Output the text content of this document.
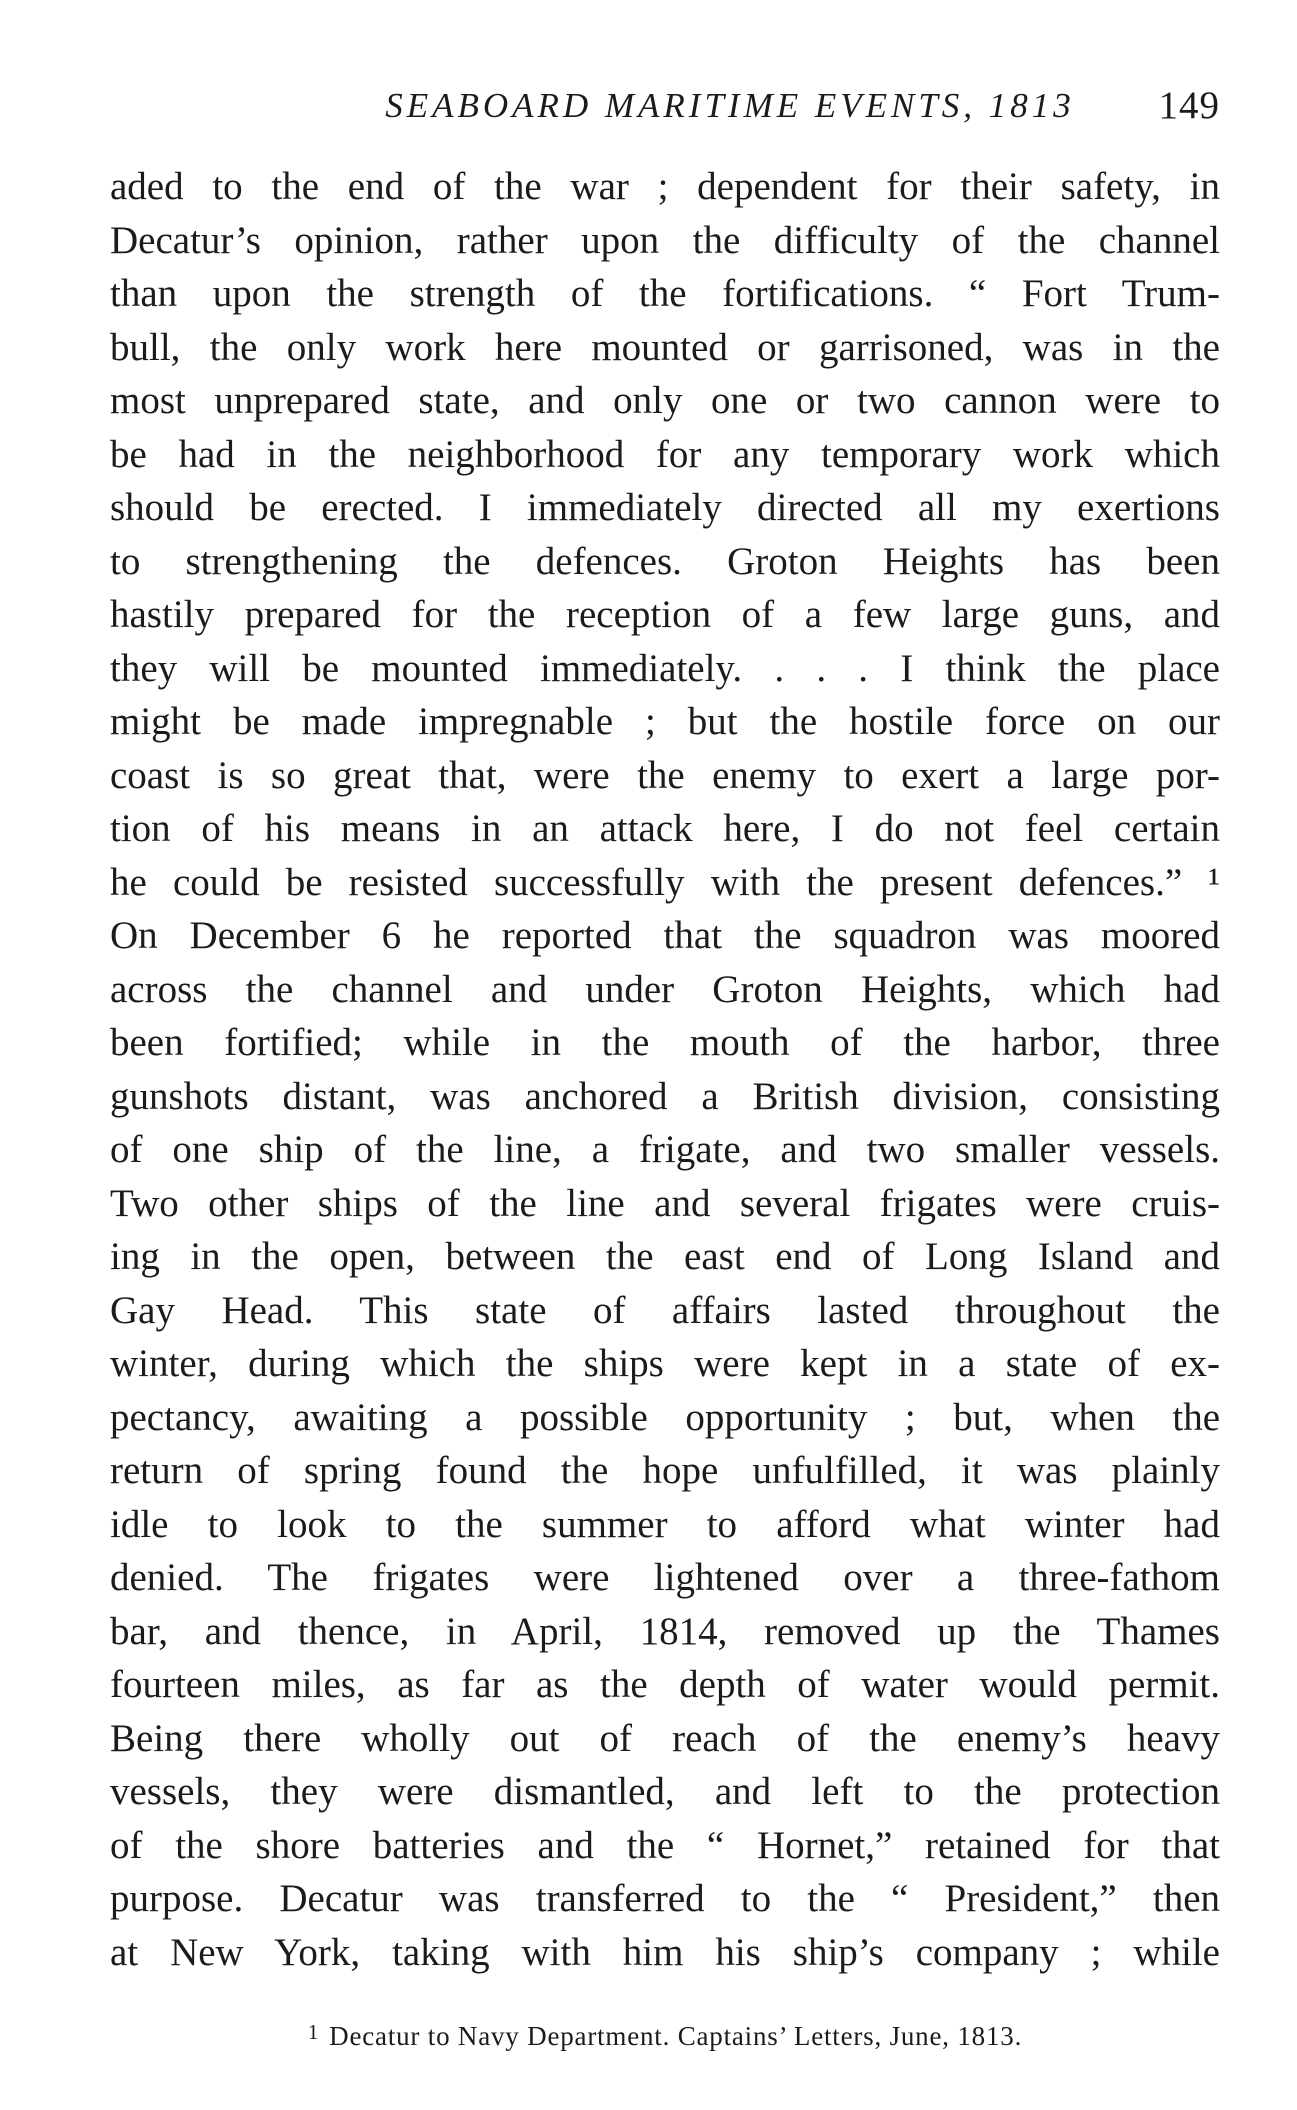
SEABOARD MARITIME EVENTS, 1813	149
aded to the end of the war ; dependent for their safety, in
Decatur’s opinion, rather upon the difficulty of the channel
than upon the strength of the fortifications. “ Fort Trum-
bull, the only work here mounted or garrisoned, was in the
most unprepared state, and only one or two cannon were to
be had in the neighborhood for any temporary work which
should be erected. I immediately directed all my exertions
to strengthening the defences. Groton Heights has been
hastily prepared for the reception of a few large guns, and
they will be mounted immediately. . . . I think the place
might be made impregnable ; but the hostile force on our
coast is so great that, were the enemy to exert a large por-
tion of his means in an attack here, I do not feel certain
he could be resisted successfully with the present defences.” ¹
On December 6 he reported that the squadron was moored
across the channel and under Groton Heights, which had
been fortified; while in the mouth of the harbor, three
gunshots distant, was anchored a British division, consisting
of one ship of the line, a frigate, and two smaller vessels.
Two other ships of the line and several frigates were cruis-
ing in the open, between the east end of Long Island and
Gay Head. This state of affairs lasted throughout the
winter, during which the ships were kept in a state of ex-
pectancy, awaiting a possible opportunity ; but, when the
return of spring found the hope unfulfilled, it was plainly
idle to look to the summer to afford what winter had
denied. The frigates were lightened over a three-fathom
bar, and thence, in April, 1814, removed up the Thames
fourteen miles, as far as the depth of water would permit.
Being there wholly out of reach of the enemy’s heavy
vessels, they were dismantled, and left to the protection
of the shore batteries and the “ Hornet,” retained for that
purpose. Decatur was transferred to the “ President,” then
at New York, taking with him his ship’s company ; while
$^1$ Decatur to Navy Department. Captains’ Letters, June, 1813.
